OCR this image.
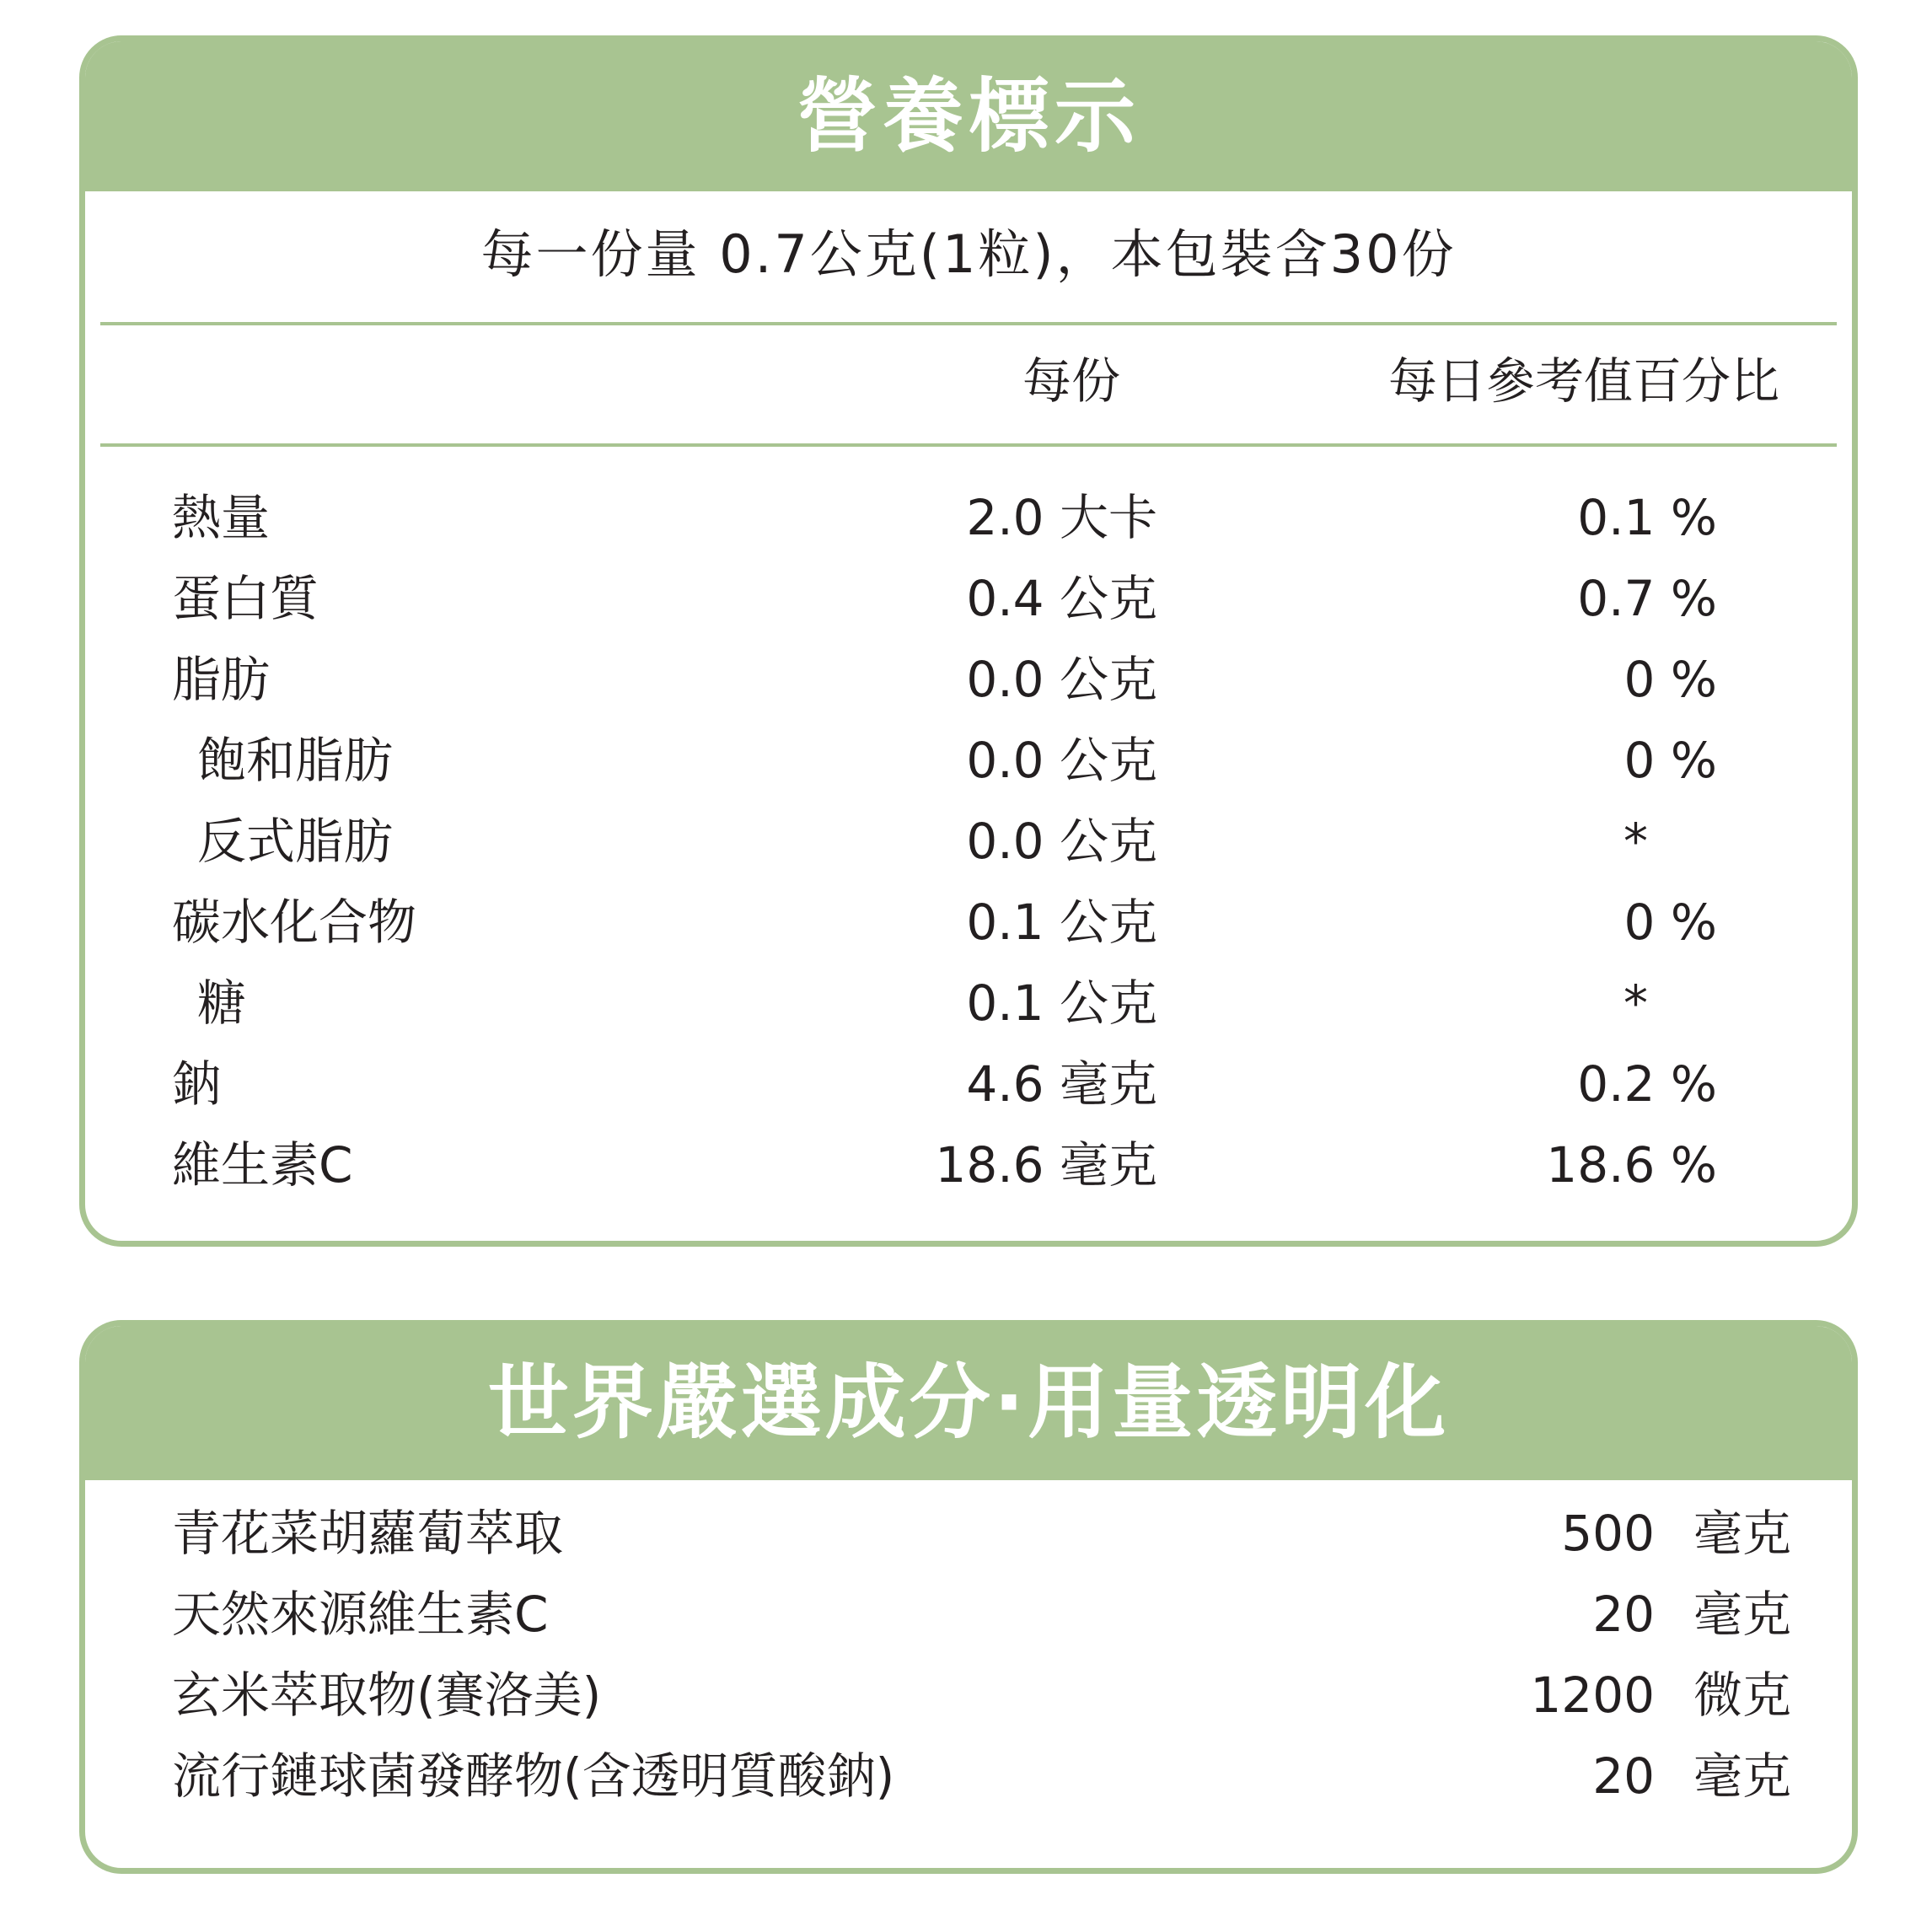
營養標示
每一份量 0.7公克(1粒)，本包裝含30份
每份	每日參考值百分比
熱量	2.0 大卡	0.1 %
蛋白質	0.4 公克	0.7 %
脂肪	0.0 公克	0 %
飽和脂肪	0.0 公克	0 %
反式脂肪	0.0 公克	*
碳水化合物	0.1 公克	0 %
糖	0.1 公克	*
鈉	4.6 毫克	0.2 %
維生素C	18.6 毫克	18.6 %
世界嚴選成分·用量透明化
青花菜胡蘿蔔萃取	500 毫克
天然來源維生素C	20 毫克
玄米萃取物(賽洛美)	1200 微克
流行鏈球菌發酵物(含透明質酸鈉)	20 毫克
